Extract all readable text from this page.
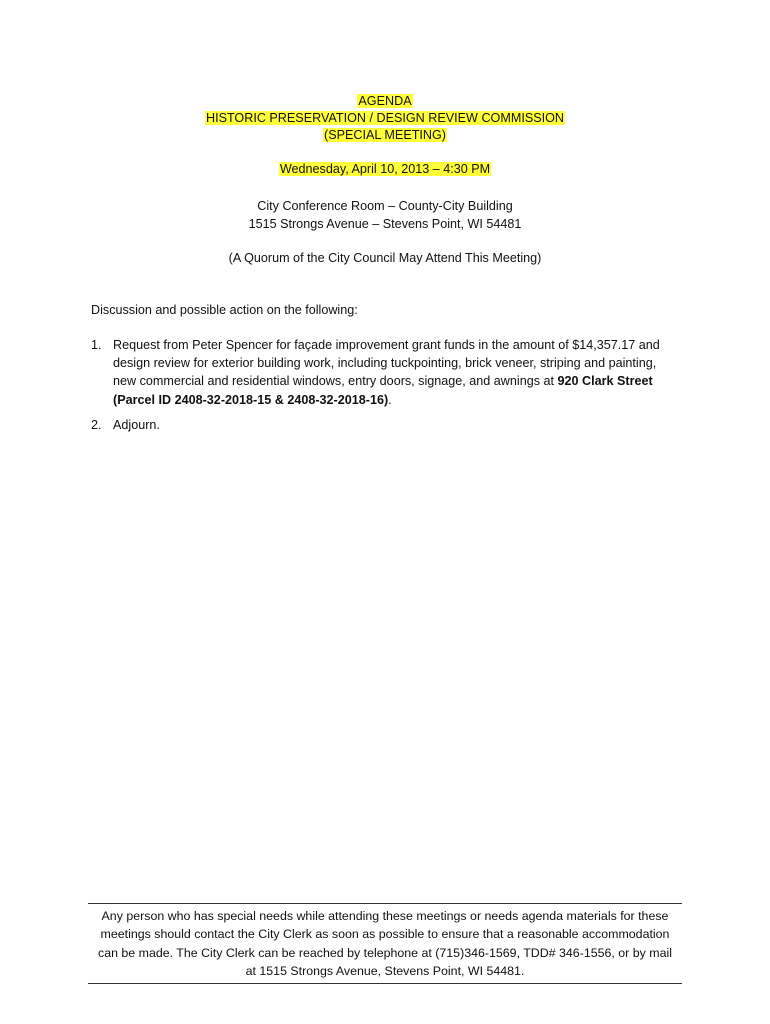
AGENDA
HISTORIC PRESERVATION / DESIGN REVIEW COMMISSION
(SPECIAL MEETING)
Wednesday, April 10, 2013 – 4:30 PM
City Conference Room – County-City Building
1515 Strongs Avenue – Stevens Point, WI 54481
(A Quorum of the City Council May Attend This Meeting)
Discussion and possible action on the following:
1. Request from Peter Spencer for façade improvement grant funds in the amount of $14,357.17 and design review for exterior building work, including tuckpointing, brick veneer, striping and painting, new commercial and residential windows, entry doors, signage, and awnings at 920 Clark Street (Parcel ID 2408-32-2018-15 & 2408-32-2018-16).
2. Adjourn.
Any person who has special needs while attending these meetings or needs agenda materials for these
meetings should contact the City Clerk as soon as possible to ensure that a reasonable accommodation
can be made. The City Clerk can be reached by telephone at (715)346-1569, TDD# 346-1556, or by mail
at 1515 Strongs Avenue, Stevens Point, WI 54481.
